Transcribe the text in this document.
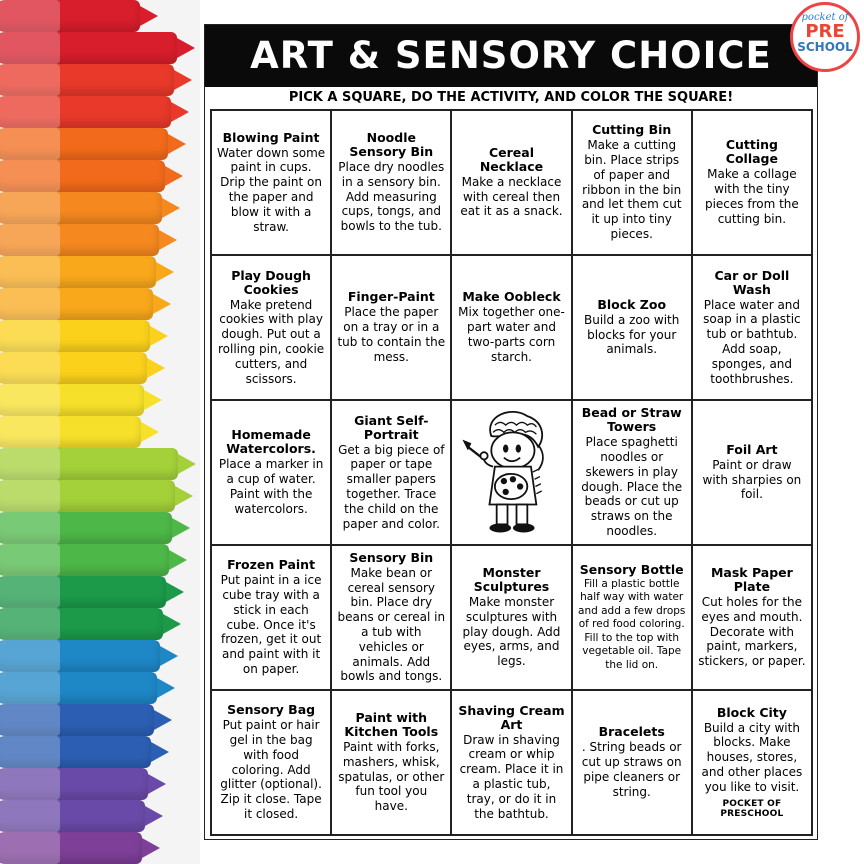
ART & SENSORY CHOICE BOARD
PICK A SQUARE, DO THE ACTIVITY, AND COLOR THE SQUARE!
Blowing Paint
Water down some paint in cups. Drip the paint on the paper and blow it with a straw.
Noodle Sensory Bin
Place dry noodles in a sensory bin. Add measuring cups, tongs, and bowls to the tub.
Cereal Necklace
Make a necklace with cereal then eat it as a snack.
Cutting Bin
Make a cutting bin. Place strips of paper and ribbon in the bin and let them cut it up into tiny pieces.
Cutting Collage
Make a collage with the tiny pieces from the cutting bin.
Play Dough Cookies
Make pretend cookies with play dough. Put out a rolling pin, cookie cutters, and scissors.
Finger-Paint
Place the paper on a tray or in a tub to contain the mess.
Make Oobleck
Mix together one-part water and two-parts corn starch.
Block Zoo
Build a zoo with blocks for your animals.
Car or Doll Wash
Place water and soap in a plastic tub or bathtub. Add soap, sponges, and toothbrushes.
Homemade Watercolors.
Place a marker in a cup of water. Paint with the watercolors.
Giant Self-Portrait
Get a big piece of paper or tape smaller papers together. Trace the child on the paper and color.
Bead or Straw Towers
Place spaghetti noodles or skewers in play dough. Place the beads or cut up straws on the noodles.
Foil Art
Paint or draw with sharpies on foil.
Frozen Paint
Put paint in a ice cube tray with a stick in each cube. Once it's frozen, get it out and paint with it on paper.
Sensory Bin
Make bean or cereal sensory bin. Place dry beans or cereal in a tub with vehicles or animals. Add bowls and tongs.
Monster Sculptures
Make monster sculptures with play dough. Add eyes, arms, and legs.
Sensory Bottle
Fill a plastic bottle half way with water and add a few drops of red food coloring. Fill to the top with vegetable oil. Tape the lid on.
Mask Paper Plate
Cut holes for the eyes and mouth. Decorate with paint, markers, stickers, or paper.
Sensory Bag
Put paint or hair gel in the bag with food coloring. Add glitter (optional). Zip it close. Tape it closed.
Paint with Kitchen Tools
Paint with forks, mashers, whisk, spatulas, or other fun tool you have.
Shaving Cream Art
Draw in shaving cream or whip cream. Place it in a plastic tub, tray, or do it in the bathtub.
Bracelets
. String beads or cut up straws on pipe cleaners or string.
Block City
Build a city with blocks. Make houses, stores, and other places you like to visit.
POCKET OF PRESCHOOL
pocket of
PRE
SCHOOL
